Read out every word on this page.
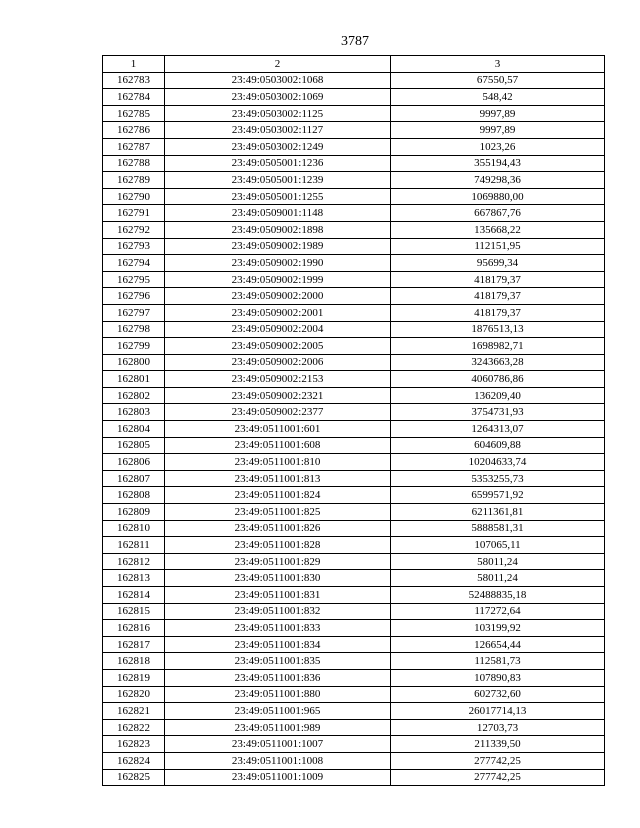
3787
1	2	3
162783	23:49:0503002:1068	67550,57
162784	23:49:0503002:1069	548,42
162785	23:49:0503002:1125	9997,89
162786	23:49:0503002:1127	9997,89
162787	23:49:0503002:1249	1023,26
162788	23:49:0505001:1236	355194,43
162789	23:49:0505001:1239	749298,36
162790	23:49:0505001:1255	1069880,00
162791	23:49:0509001:1148	667867,76
162792	23:49:0509002:1898	135668,22
162793	23:49:0509002:1989	112151,95
162794	23:49:0509002:1990	95699,34
162795	23:49:0509002:1999	418179,37
162796	23:49:0509002:2000	418179,37
162797	23:49:0509002:2001	418179,37
162798	23:49:0509002:2004	1876513,13
162799	23:49:0509002:2005	1698982,71
162800	23:49:0509002:2006	3243663,28
162801	23:49:0509002:2153	4060786,86
162802	23:49:0509002:2321	136209,40
162803	23:49:0509002:2377	3754731,93
162804	23:49:0511001:601	1264313,07
162805	23:49:0511001:608	604609,88
162806	23:49:0511001:810	10204633,74
162807	23:49:0511001:813	5353255,73
162808	23:49:0511001:824	6599571,92
162809	23:49:0511001:825	6211361,81
162810	23:49:0511001:826	5888581,31
162811	23:49:0511001:828	107065,11
162812	23:49:0511001:829	58011,24
162813	23:49:0511001:830	58011,24
162814	23:49:0511001:831	52488835,18
162815	23:49:0511001:832	117272,64
162816	23:49:0511001:833	103199,92
162817	23:49:0511001:834	126654,44
162818	23:49:0511001:835	112581,73
162819	23:49:0511001:836	107890,83
162820	23:49:0511001:880	602732,60
162821	23:49:0511001:965	26017714,13
162822	23:49:0511001:989	12703,73
162823	23:49:0511001:1007	211339,50
162824	23:49:0511001:1008	277742,25
162825	23:49:0511001:1009	277742,25
